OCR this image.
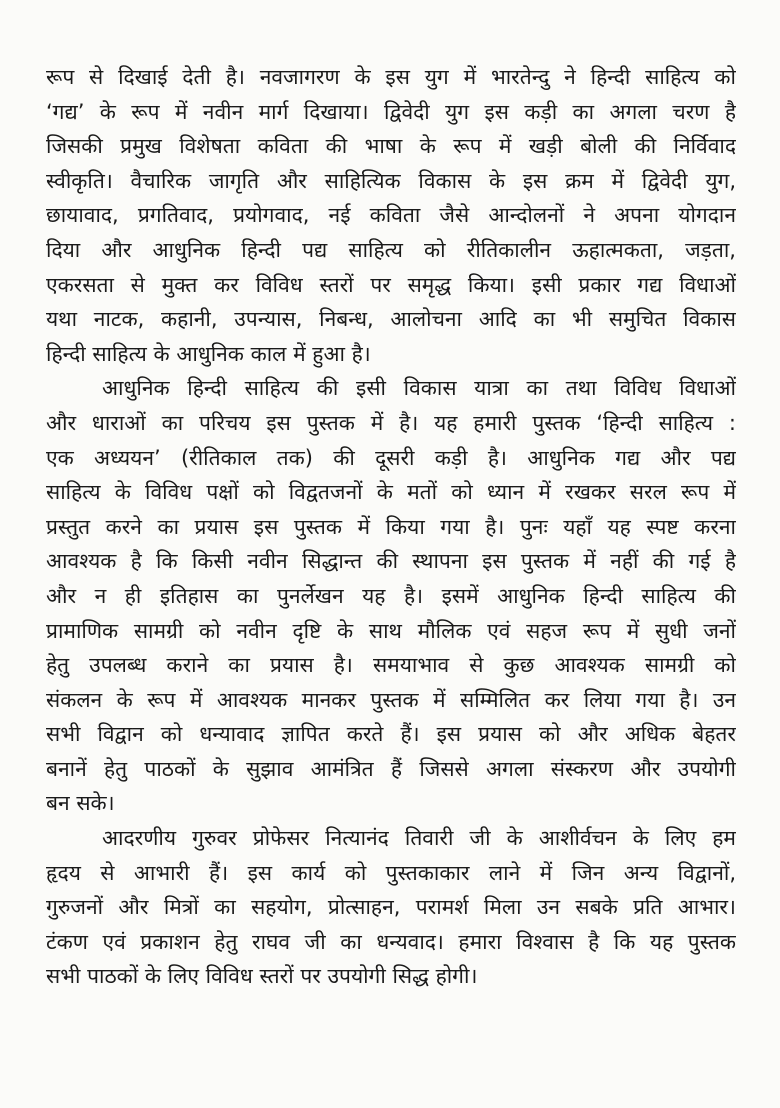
रूप से दिखाई देती है। नवजागरण के इस युग में भारतेन्दु ने हिन्दी साहित्य को
‘गद्य’ के रूप में नवीन मार्ग दिखाया। द्विवेदी युग इस कड़ी का अगला चरण है
जिसकी प्रमुख विशेषता कविता की भाषा के रूप में खड़ी बोली की निर्विवाद
स्वीकृति। वैचारिक जागृति और साहित्यिक विकास के इस क्रम में द्विवेदी युग,
छायावाद, प्रगतिवाद, प्रयोगवाद, नई कविता जैसे आन्दोलनों ने अपना योगदान
दिया और आधुनिक हिन्दी पद्य साहित्य को रीतिकालीन ऊहात्मकता, जड़ता,
एकरसता से मुक्त कर विविध स्तरों पर समृद्ध किया। इसी प्रकार गद्य विधाओं
यथा नाटक, कहानी, उपन्यास, निबन्ध, आलोचना आदि का भी समुचित विकास
हिन्दी साहित्य के आधुनिक काल में हुआ है।
आधुनिक हिन्दी साहित्य की इसी विकास यात्रा का तथा विविध विधाओं
और धाराओं का परिचय इस पुस्तक में है। यह हमारी पुस्तक ‘हिन्दी साहित्य :
एक अध्ययन’ (रीतिकाल तक) की दूसरी कड़ी है। आधुनिक गद्य और पद्य
साहित्य के विविध पक्षों को विद्वतजनों के मतों को ध्यान में रखकर सरल रूप में
प्रस्तुत करने का प्रयास इस पुस्तक में किया गया है। पुनः यहाँ यह स्पष्ट करना
आवश्यक है कि किसी नवीन सिद्धान्त की स्थापना इस पुस्तक में नहीं की गई है
और न ही इतिहास का पुनर्लेखन यह है। इसमें आधुनिक हिन्दी साहित्य की
प्रामाणिक सामग्री को नवीन दृष्टि के साथ मौलिक एवं सहज रूप में सुधी जनों
हेतु उपलब्ध कराने का प्रयास है। समयाभाव से कुछ आवश्यक सामग्री को
संकलन के रूप में आवश्यक मानकर पुस्तक में सम्मिलित कर लिया गया है। उन
सभी विद्वान को धन्यावाद ज्ञापित करते हैं। इस प्रयास को और अधिक बेहतर
बनानें हेतु पाठकों के सुझाव आमंत्रित हैं जिससे अगला संस्करण और उपयोगी
बन सके।
आदरणीय गुरुवर प्रोफेसर नित्यानंद तिवारी जी के आशीर्वचन के लिए हम
हृदय से आभारी हैं। इस कार्य को पुस्तकाकार लाने में जिन अन्य विद्वानों,
गुरुजनों और मित्रों का सहयोग, प्रोत्साहन, परामर्श मिला उन सबके प्रति आभार।
टंकण एवं प्रकाशन हेतु राघव जी का धन्यवाद। हमारा विश्वास है कि यह पुस्तक
सभी पाठकों के लिए विविध स्तरों पर उपयोगी सिद्ध होगी।
